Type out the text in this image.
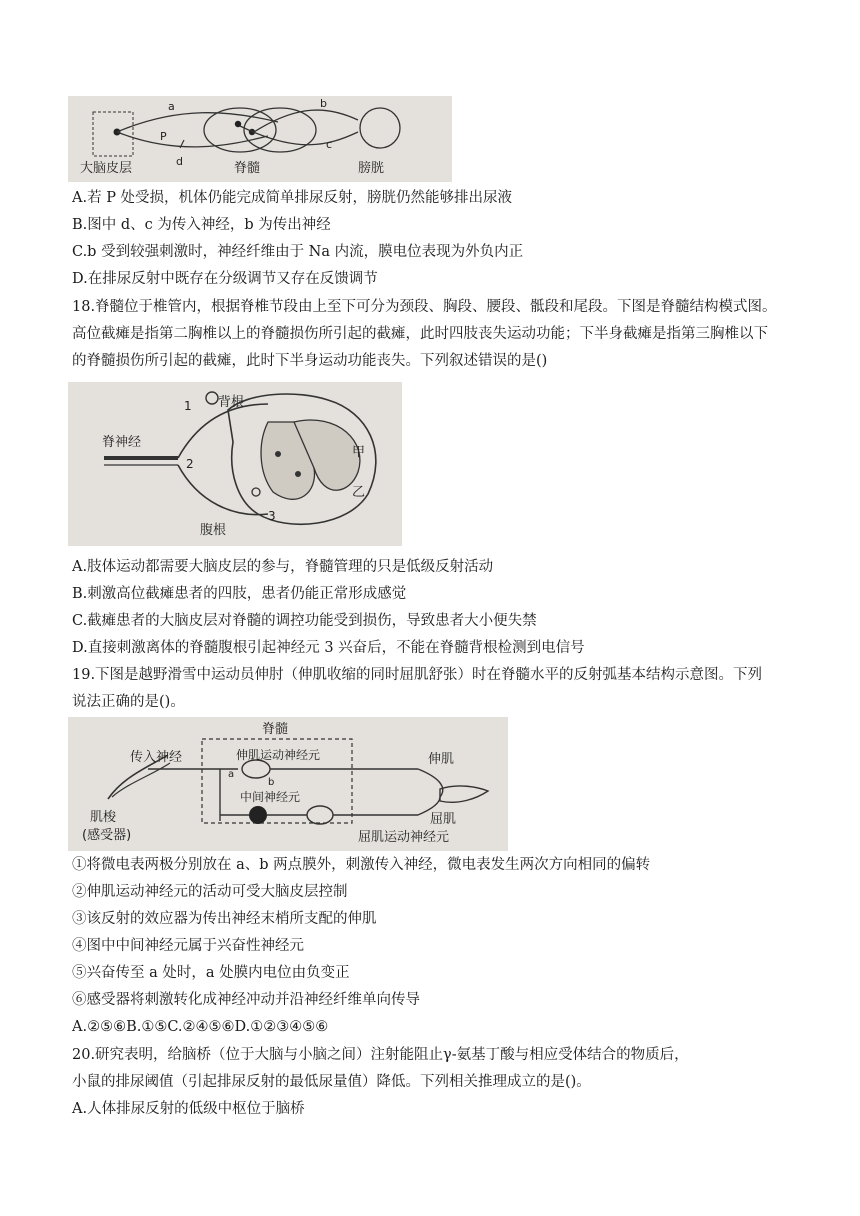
a	b
c
d
P
大脑皮层	脊髓	膀胱
A.若 P 处受损，机体仍能完成简单排尿反射，膀胱仍然能够排出尿液
B.图中 d、c 为传入神经，b 为传出神经
C.b 受到较强刺激时，神经纤维由于 Na 内流，膜电位表现为外负内正
D.在排尿反射中既存在分级调节又存在反馈调节
18.脊髓位于椎管内，根据脊椎节段由上至下可分为颈段、胸段、腰段、骶段和尾段。下图是脊髓结构模式图。
高位截瘫是指第二胸椎以上的脊髓损伤所引起的截瘫，此时四肢丧失运动功能；下半身截瘫是指第三胸椎以下
的脊髓损伤所引起的截瘫，此时下半身运动功能丧失。下列叙述错误的是()
1 背根
脊神经
2
甲
乙
3
腹根
A.肢体运动都需要大脑皮层的参与，脊髓管理的只是低级反射活动
B.刺激高位截瘫患者的四肢，患者仍能正常形成感觉
C.截瘫患者的大脑皮层对脊髓的调控功能受到损伤，导致患者大小便失禁
D.直接刺激离体的脊髓腹根引起神经元 3 兴奋后，不能在脊髓背根检测到电信号
19.下图是越野滑雪中运动员伸肘（伸肌收缩的同时屈肌舒张）时在脊髓水平的反射弧基本结构示意图。下列
说法正确的是()。
脊髓
传入神经	伸肌运动神经元
a
b
中间神经元
肌梭
(感受器)
伸肌
屈肌
屈肌运动神经元
①将微电表两极分别放在 a、b 两点膜外，刺激传入神经，微电表发生两次方向相同的偏转
②伸肌运动神经元的活动可受大脑皮层控制
③该反射的效应器为传出神经末梢所支配的伸肌
④图中中间神经元属于兴奋性神经元
⑤兴奋传至 a 处时，a 处膜内电位由负变正
⑥感受器将刺激转化成神经冲动并沿神经纤维单向传导
A.②⑤⑥B.①⑤C.②④⑤⑥D.①②③④⑤⑥
20.研究表明，给脑桥（位于大脑与小脑之间）注射能阻止γ-氨基丁酸与相应受体结合的物质后，
小鼠的排尿阈值（引起排尿反射的最低尿量值）降低。下列相关推理成立的是()。
A.人体排尿反射的低级中枢位于脑桥
